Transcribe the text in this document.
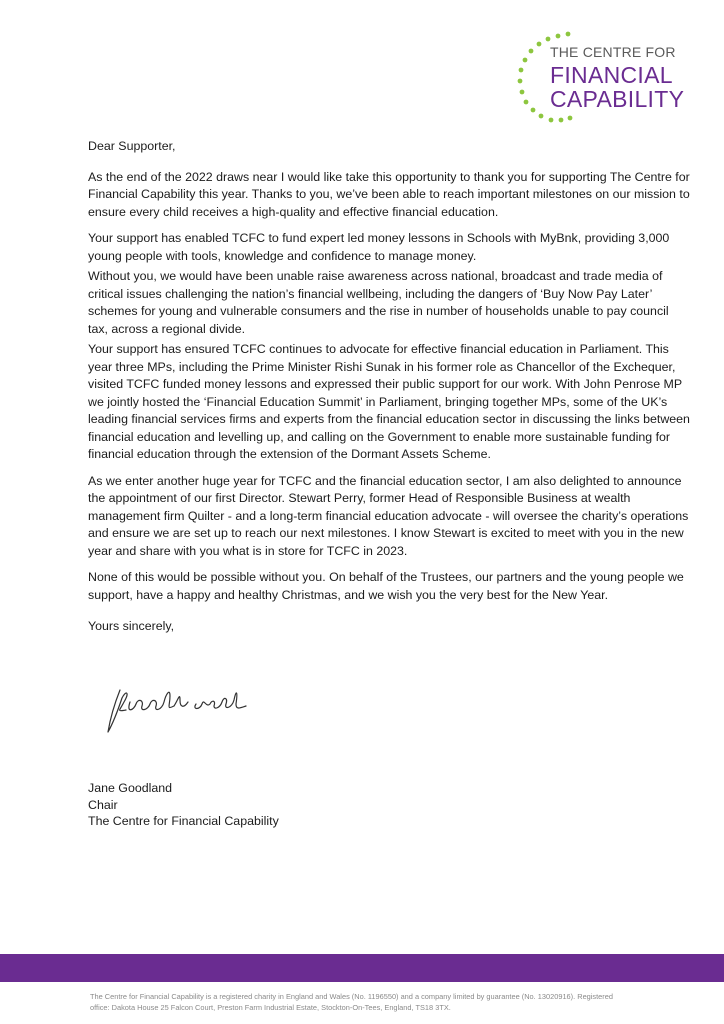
THE CENTRE FOR
FINANCIAL
CAPABILITY

Dear Supporter,

As the end of the 2022 draws near I would like take this opportunity to thank you for supporting The Centre for Financial Capability this year. Thanks to you, we’ve been able to reach important milestones on our mission to ensure every child receives a high-quality and effective financial education.

Your support has enabled TCFC to fund expert led money lessons in Schools with MyBnk, providing 3,000 young people with tools, knowledge and confidence to manage money.

Without you, we would have been unable raise awareness across national, broadcast and trade media of critical issues challenging the nation’s financial wellbeing, including the dangers of ‘Buy Now Pay Later’ schemes for young and vulnerable consumers and the rise in number of households unable to pay council tax, across a regional divide.

Your support has ensured TCFC continues to advocate for effective financial education in Parliament. This year three MPs, including the Prime Minister Rishi Sunak in his former role as Chancellor of the Exchequer, visited TCFC funded money lessons and expressed their public support for our work. With John Penrose MP we jointly hosted the ‘Financial Education Summit’ in Parliament, bringing together MPs, some of the UK’s leading financial services firms and experts from the financial education sector in discussing the links between financial education and levelling up, and calling on the Government to enable more sustainable funding for financial education through the extension of the Dormant Assets Scheme.

As we enter another huge year for TCFC and the financial education sector, I am also delighted to announce the appointment of our first Director. Stewart Perry, former Head of Responsible Business at wealth management firm Quilter - and a long-term financial education advocate - will oversee the charity’s operations and ensure we are set up to reach our next milestones. I know Stewart is excited to meet with you in the new year and share with you what is in store for TCFC in 2023.

None of this would be possible without you. On behalf of the Trustees, our partners and the young people we support, have a happy and healthy Christmas, and we wish you the very best for the New Year.

Yours sincerely,

Jane Goodland
Chair
The Centre for Financial Capability
The Centre for Financial Capability is a registered charity in England and Wales (No. 1196550) and a company limited by guarantee (No. 13020916). Registered
office: Dakota House 25 Falcon Court, Preston Farm Industrial Estate, Stockton-On-Tees, England, TS18 3TX.
